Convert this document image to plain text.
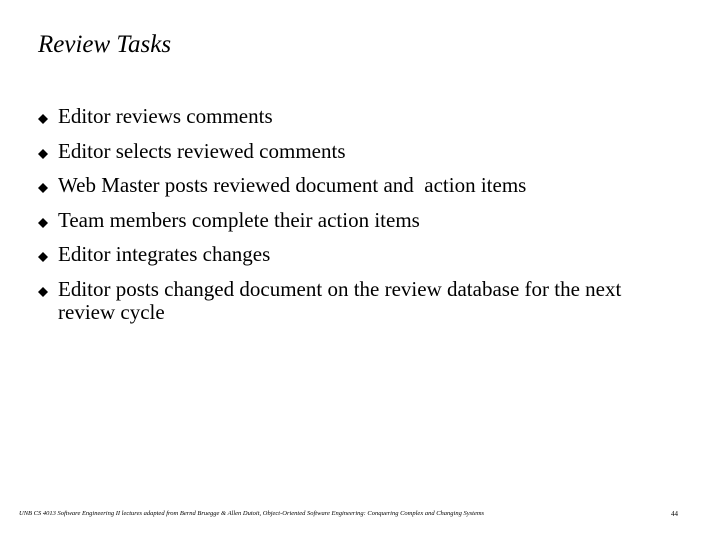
Review Tasks
Editor reviews comments
Editor selects reviewed comments
Web Master posts reviewed document and  action items
Team members complete their action items
Editor integrates changes
Editor posts changed document on the review database for the next review cycle
UNB CS 4013 Software Engineering II lectures adapted from Bernd Bruegge & Allen Dutoit, Object-Oriented Software Engineering: Conquering Complex and Changing Systems	44
